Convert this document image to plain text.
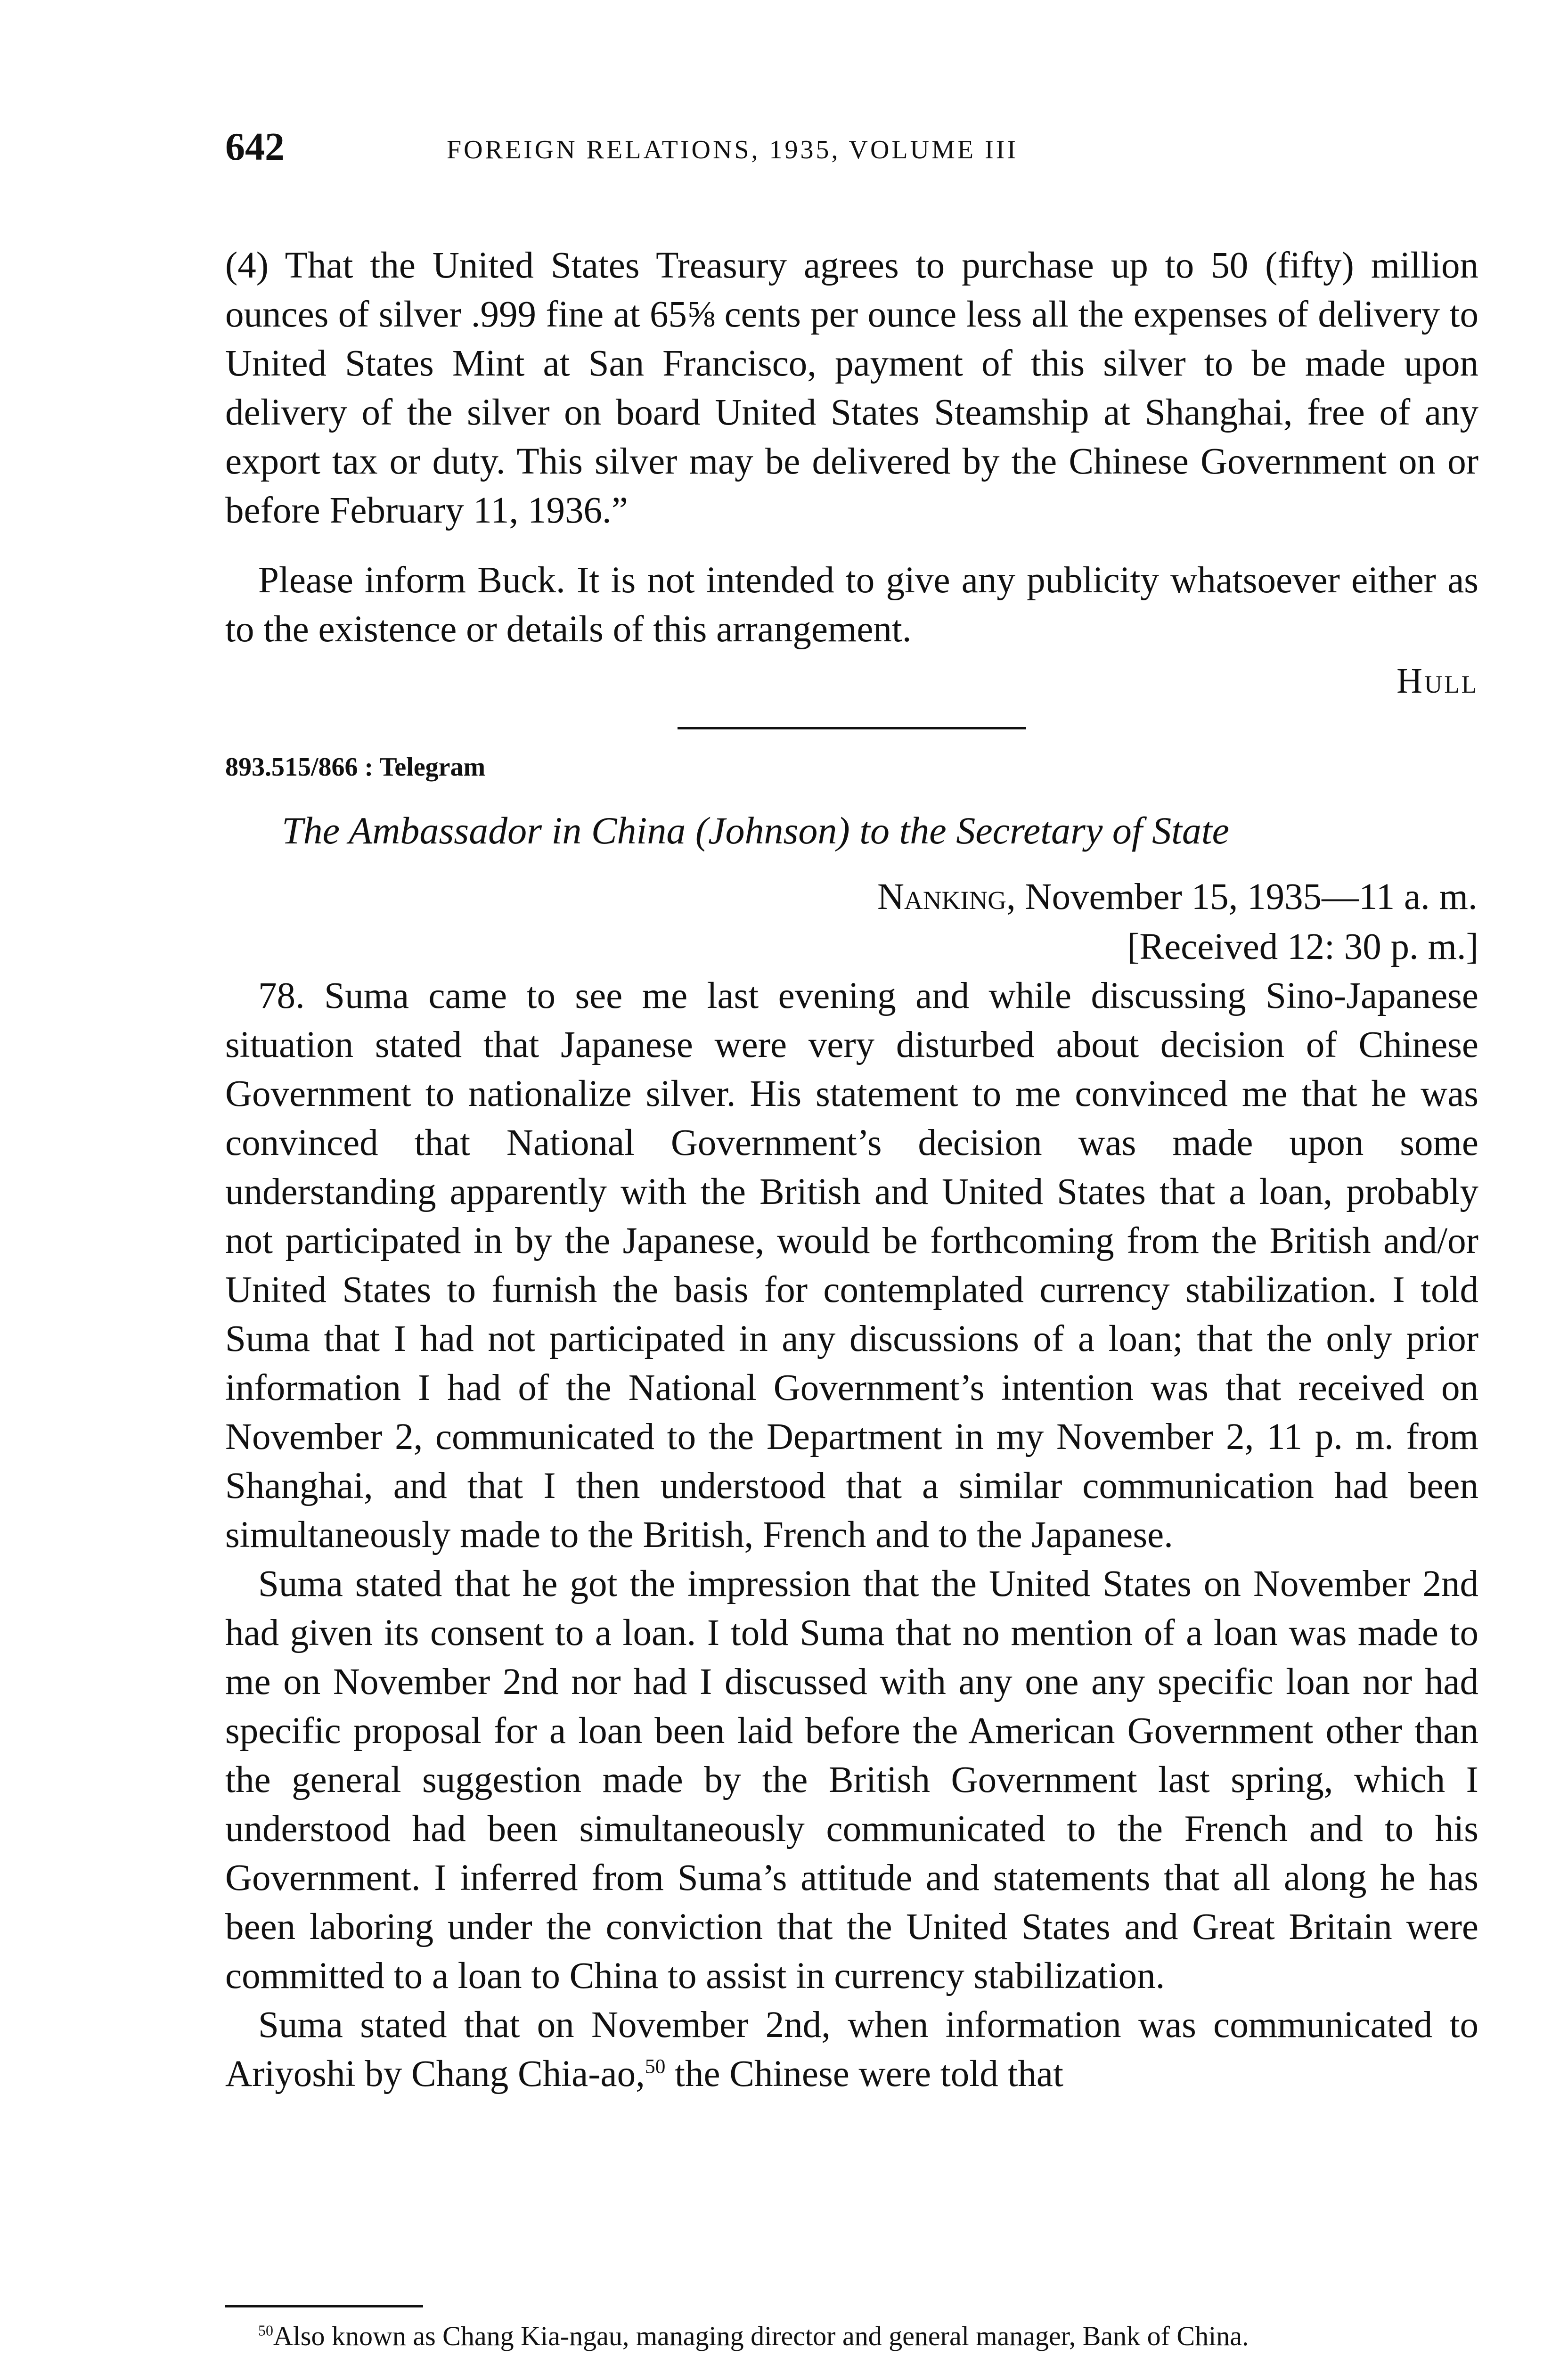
642	FOREIGN RELATIONS, 1935, VOLUME III

(4) That the United States Treasury agrees to purchase up to 50 (fifty) million ounces of silver .999 fine at 65⅝ cents per ounce less all the expenses of delivery to United States Mint at San Francisco, payment of this silver to be made upon delivery of the silver on board United States Steamship at Shanghai, free of any export tax or duty. This silver may be delivered by the Chinese Government on or before February 11, 1936.”

Please inform Buck. It is not intended to give any publicity whatsoever either as to the existence or details of this arrangement.

Hull
893.515/866 : Telegram
The Ambassador in China (Johnson) to the Secretary of State
Nanking, November 15, 1935—11 a. m.
[Received 12: 30 p. m.]

78. Suma came to see me last evening and while discussing Sino-Japanese situation stated that Japanese were very disturbed about decision of Chinese Government to nationalize silver. His statement to me convinced me that he was convinced that National Government’s decision was made upon some understanding apparently with the British and United States that a loan, probably not participated in by the Japanese, would be forthcoming from the British and/or United States to furnish the basis for contemplated currency stabilization. I told Suma that I had not participated in any discussions of a loan; that the only prior information I had of the National Government’s intention was that received on November 2, communicated to the Department in my November 2, 11 p. m. from Shanghai, and that I then understood that a similar communication had been simultaneously made to the British, French and to the Japanese.

Suma stated that he got the impression that the United States on November 2nd had given its consent to a loan. I told Suma that no mention of a loan was made to me on November 2nd nor had I discussed with any one any specific loan nor had specific proposal for a loan been laid before the American Government other than the general suggestion made by the British Government last spring, which I understood had been simultaneously communicated to the French and to his Government. I inferred from Suma’s attitude and statements that all along he has been laboring under the conviction that the United States and Great Britain were committed to a loan to China to assist in currency stabilization.

Suma stated that on November 2nd, when information was communicated to Ariyoshi by Chang Chia-ao,$^{50}$ the Chinese were told that

$^{50}$Also known as Chang Kia-ngau, managing director and general manager, Bank of China.
